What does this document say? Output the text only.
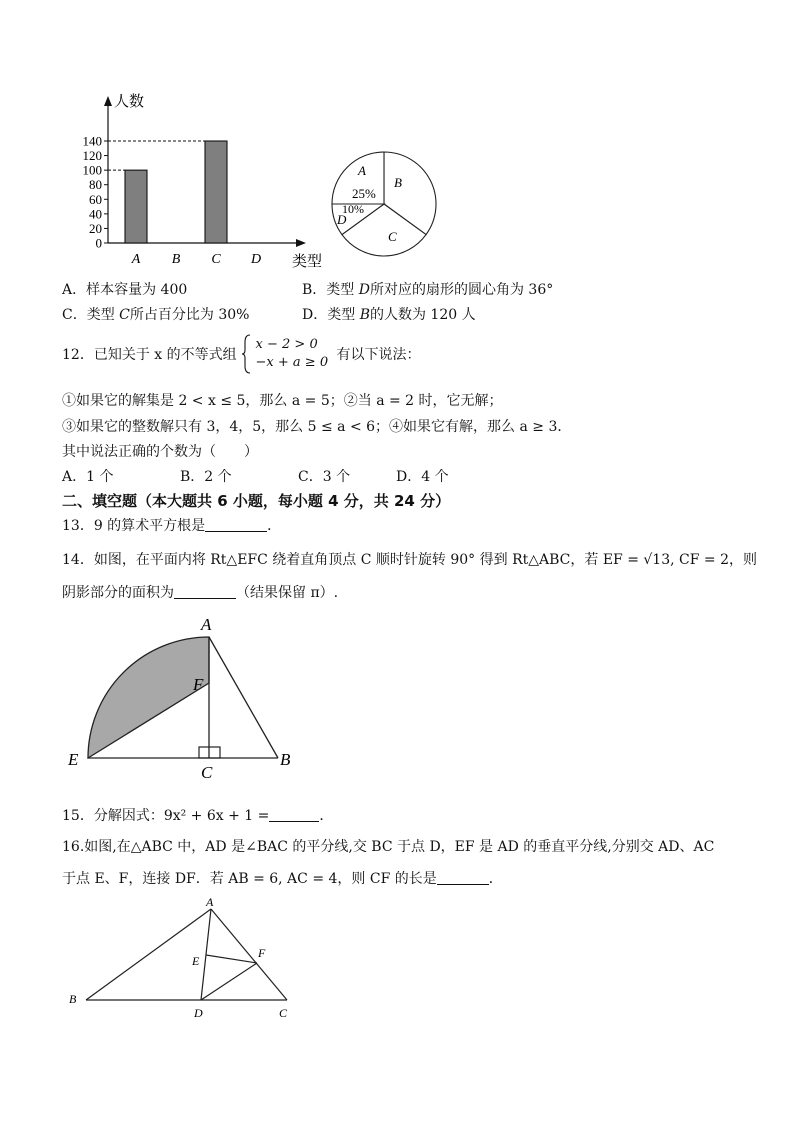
人数
类型
0
20
40
60
80
100
120
140
A B C D
A
25%
B
C
D
10%
A．样本容量为 400	B．类型 D所对应的扇形的圆心角为 36°
C．类型 C所占百分比为 30%	D．类型 B的人数为 120 人
12．已知关于 x 的不等式组
x − 2 > 0
−x + a ≥ 0 有以下说法：
①如果它的解集是 2 < x ≤ 5，那么 a = 5；②当 a = 2 时，它无解；
③如果它的整数解只有 3，4，5，那么 5 ≤ a < 6；④如果它有解，那么 a ≥ 3．
其中说法正确的个数为（　　）
A．1 个	B．2 个	C．3 个	D．4 个
二、填空题（本大题共 6 小题，每小题 4 分，共 24 分）
13．9 的算术平方根是	．
14．如图，在平面内将 Rt△EFC 绕着直角顶点 C 顺时针旋转 90° 得到 Rt△ABC，若 EF = √13, CF = 2，则
阴影部分的面积为	（结果保留 π）.
A
F
E
C
B
15．分解因式：9x² + 6x + 1 =	．
16.如图,在△ABC 中，AD 是∠BAC 的平分线,交 BC 于点 D，EF 是 AD 的垂直平分线,分别交 AD、AC
于点 E、F，连接 DF．若 AB = 6, AC = 4，则 CF 的长是	．
A
B
C
D
E
F
